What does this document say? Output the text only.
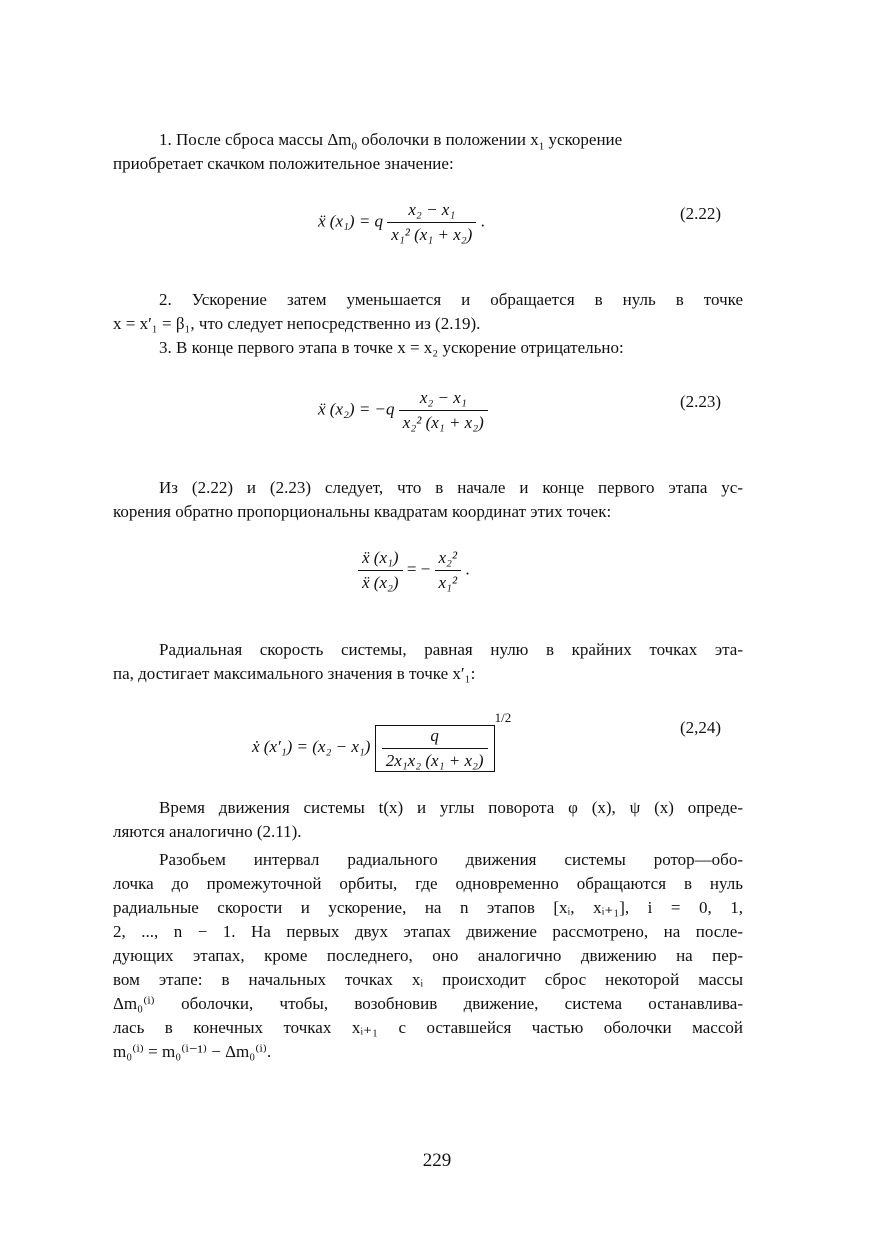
1. После сброса массы $\Delta m_0$ оболочки в положении $x_1$ ускорение
приобретает скачком положительное значение:
ẍ (x₁) = q $\frac{\text{x₂ − x₁}}{\text{x₁² (x₁ + x₂)}}$ .	(2.22)
2. Ускорение затем уменьшается и обращается в нуль в точке
x = x′₁ = β₁, что следует непосредственно из (2.19).
3. В конце первого этапа в точке x = x₂ ускорение отрицательно:
ẍ $(x_2) = -q \frac{\text{x₂ − x₁}}{\text{x₂² (x₁ + x₂)}}$	(2.23)
Из (2.22) и (2.23) следует, что в начале и конце первого этапа ус-
корения обратно пропорциональны квадратам координат этих точек:
$\frac{\text{ẍ (x₁)}}{\text{ẍ (x₂)}}$ = − $\frac{\text{x₂²}}{\text{x₁²}}$ .
Радиальная скорость системы, равная нулю в крайних точках эта-
па, достигает максимального значения в точке x′₁:
ẋ $(x'_1) = (x_2 - x_1) \frac{q}{\text{2x₁x₂ (x₁ + x₂)}}$
$^{1/2}$
(2,24)
Время движения системы t(x) и углы поворота φ (x), ψ (x) опреде-
ляются аналогично (2.11).
Разобьем интервал радиального движения системы ротор—обо-
лочка до промежуточной орбиты, где одновременно обращаются в нуль
радиальные скорости и ускорение, на n этапов [xᵢ, xᵢ₊₁], i = 0, 1,
2, ..., n − 1. На первых двух этапах движение рассмотрено, на после-
дующих этапах, кроме последнего, оно аналогично движению на пер-
вом этапе: в начальных точках xᵢ происходит сброс некоторой массы
Δm₀⁽ⁱ⁾ оболочки, чтобы, возобновив движение, система останавлива-
лась в конечных точках xᵢ₊₁ с оставшейся частью оболочки массой
m₀⁽ⁱ⁾ = m₀⁽ⁱ⁻¹⁾ − Δm₀⁽ⁱ⁾.
229
